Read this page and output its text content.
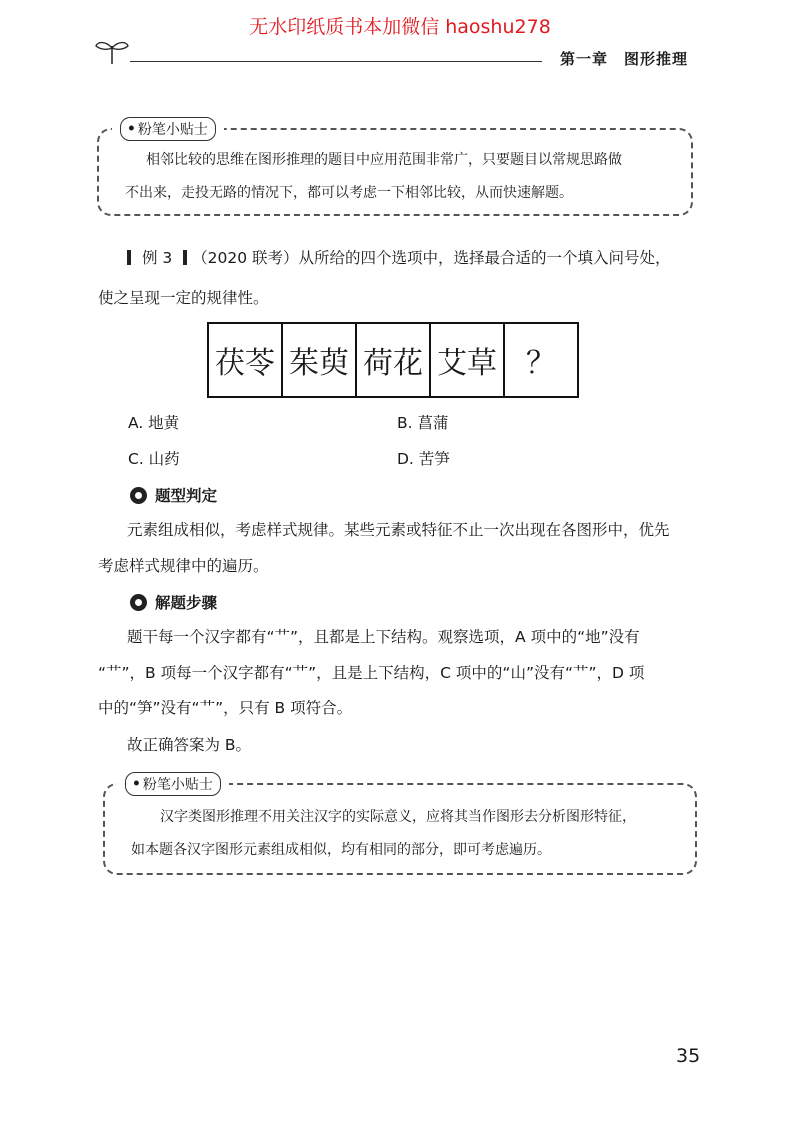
无水印纸质书本加微信 haoshu278
第一章　图形推理
ꔷ 粉笔小贴士
相邻比较的思维在图形推理的题目中应用范围非常广，只要题目以常规思路做
不出来，走投无路的情况下，都可以考虑一下相邻比较，从而快速解题。
例 3 （2020 联考）从所给的四个选项中，选择最合适的一个填入问号处，
使之呈现一定的规律性。
茯苓 茱萸 荷花 艾草 ？
A. 地黄	B. 菖蒲
C. 山药	D. 苦笋
题型判定
元素组成相似，考虑样式规律。某些元素或特征不止一次出现在各图形中，优先
考虑样式规律中的遍历。
解题步骤
题干每一个汉字都有“艹”，且都是上下结构。观察选项，A 项中的“地”没有
“艹”，B 项每一个汉字都有“艹”，且是上下结构，C 项中的“山”没有“艹”，D 项
中的“笋”没有“艹”，只有 B 项符合。
故正确答案为 B。
ꔷ 粉笔小贴士
汉字类图形推理不用关注汉字的实际意义，应将其当作图形去分析图形特征，
如本题各汉字图形元素组成相似，均有相同的部分，即可考虑遍历。
35
